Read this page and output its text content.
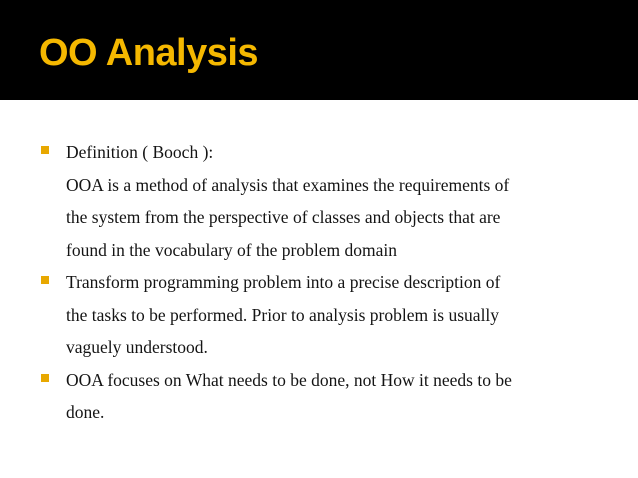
OO Analysis
Definition ( Booch ):
OOA is a method of analysis that examines the requirements of
the system from the perspective of classes and objects that are
found in the vocabulary of the problem domain
Transform programming problem into a precise description of
the tasks to be performed. Prior to analysis problem is usually
vaguely understood.
OOA focuses on What needs to be done, not How it needs to be
done.
